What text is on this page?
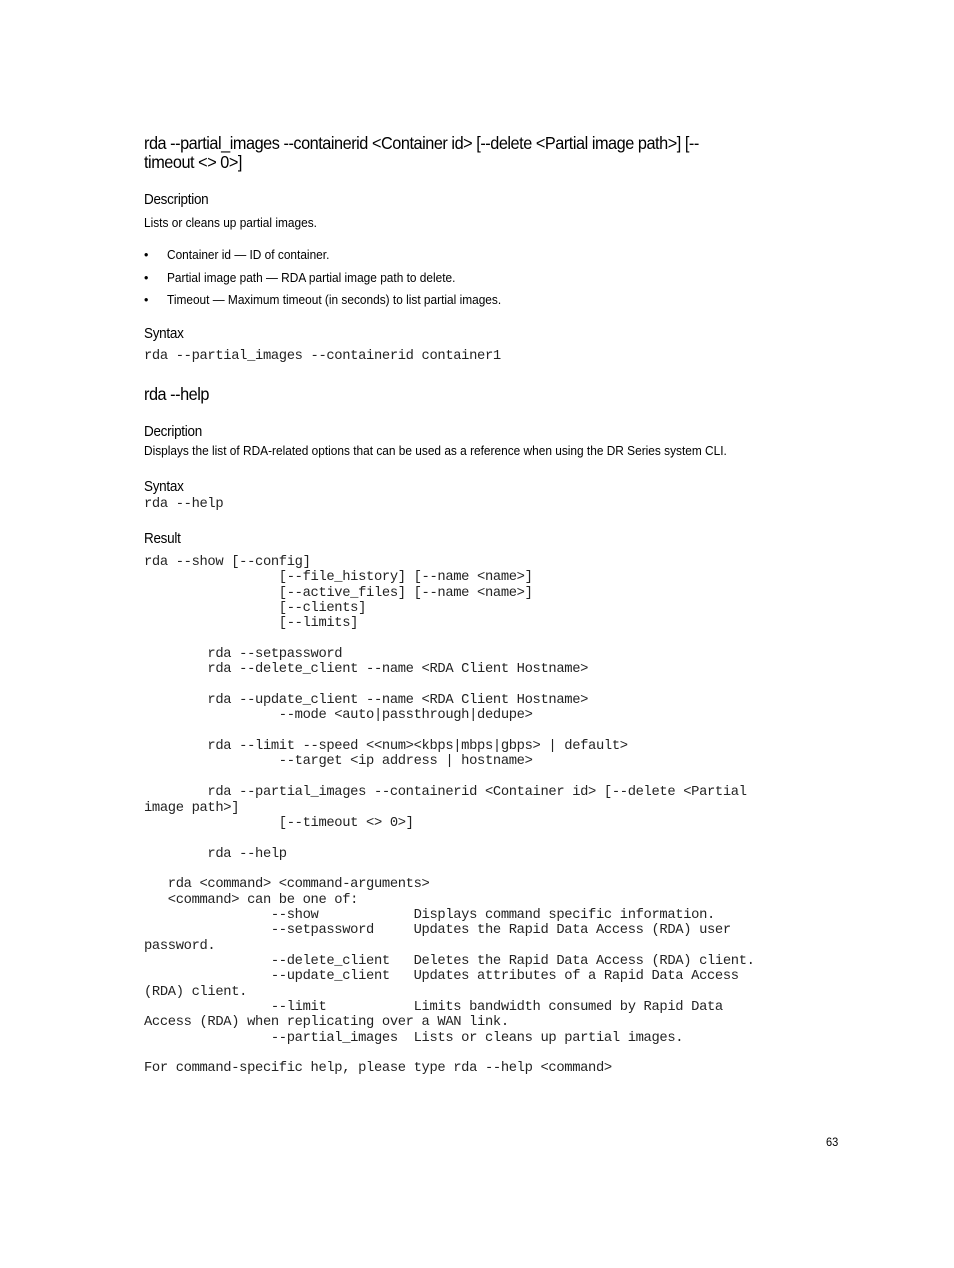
rda --partial_images --containerid <Container id> [--delete <Partial image path>] [--
timeout <> 0>]
Description
Lists or cleans up partial images.
• Container id — ID of container.
• Partial image path — RDA partial image path to delete.
• Timeout — Maximum timeout (in seconds) to list partial images.
Syntax
rda --partial_images --containerid container1
rda --help
Decription
Displays the list of RDA-related options that can be used as a reference when using the DR Series system CLI.
Syntax
rda --help
Result
rda --show [--config]
[--file_history] [--name <name>]
[--active_files] [--name <name>]
[--clients]
[--limits]

rda --setpassword
rda --delete_client --name <RDA Client Hostname>

rda --update_client --name <RDA Client Hostname>
--mode <auto|passthrough|dedupe>

rda --limit --speed <<num><kbps|mbps|gbps> | default>
--target <ip address | hostname>

rda --partial_images --containerid <Container id> [--delete <Partial
image path>]
[--timeout <> 0>]

rda --help

rda <command> <command-arguments>
<command> can be one of:
--show            Displays command specific information.
--setpassword     Updates the Rapid Data Access (RDA) user
password.
--delete_client   Deletes the Rapid Data Access (RDA) client.
--update_client   Updates attributes of a Rapid Data Access
(RDA) client.
--limit           Limits bandwidth consumed by Rapid Data
Access (RDA) when replicating over a WAN link.
--partial_images  Lists or cleans up partial images.

For command-specific help, please type rda --help <command>
63
